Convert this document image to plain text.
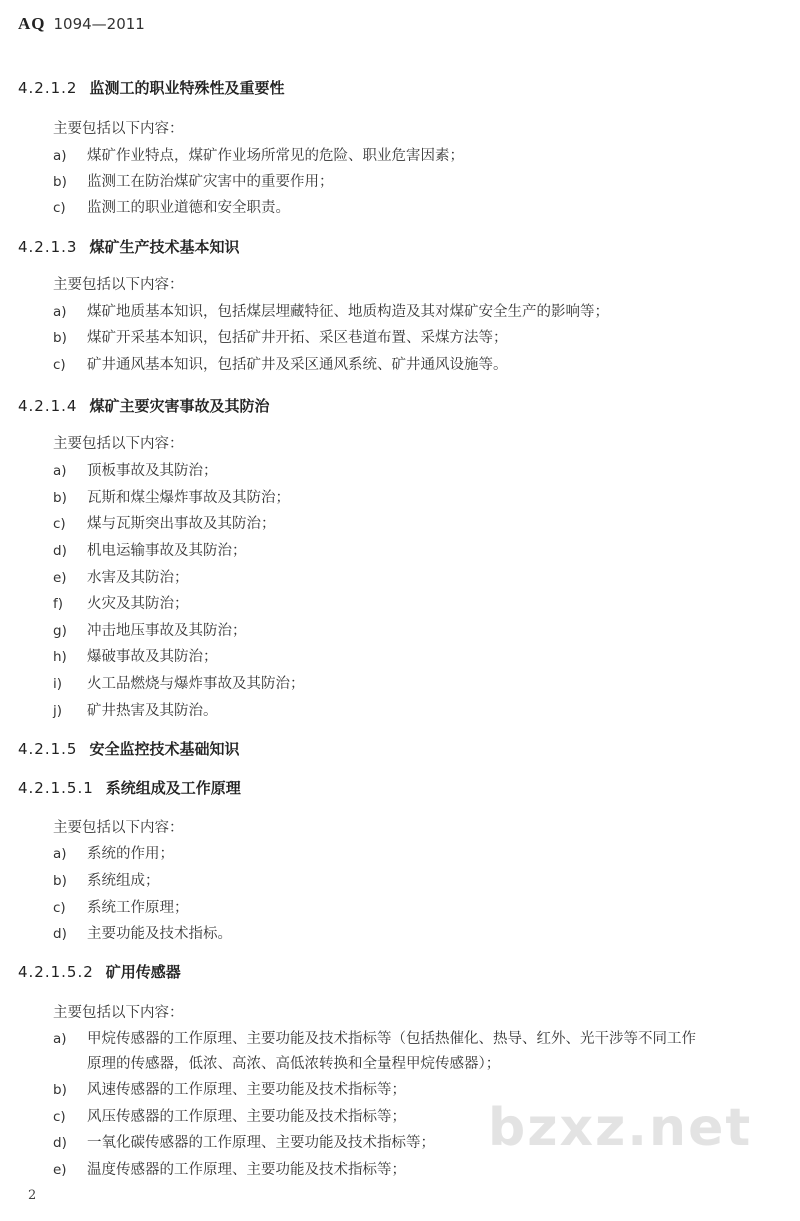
AQ 1094—2011
4.2.1.2 监测工的职业特殊性及重要性
主要包括以下内容：
a) 煤矿作业特点，煤矿作业场所常见的危险、职业危害因素；
b) 监测工在防治煤矿灾害中的重要作用；
c) 监测工的职业道德和安全职责。
4.2.1.3 煤矿生产技术基本知识
主要包括以下内容：
a) 煤矿地质基本知识，包括煤层埋藏特征、地质构造及其对煤矿安全生产的影响等；
b) 煤矿开采基本知识，包括矿井开拓、采区巷道布置、采煤方法等；
c) 矿井通风基本知识，包括矿井及采区通风系统、矿井通风设施等。
4.2.1.4 煤矿主要灾害事故及其防治
主要包括以下内容：
a) 顶板事故及其防治；
b) 瓦斯和煤尘爆炸事故及其防治；
c) 煤与瓦斯突出事故及其防治；
d) 机电运输事故及其防治；
e) 水害及其防治；
f) 火灾及其防治；
g) 冲击地压事故及其防治；
h) 爆破事故及其防治；
i) 火工品燃烧与爆炸事故及其防治；
j) 矿井热害及其防治。
4.2.1.5 安全监控技术基础知识
4.2.1.5.1 系统组成及工作原理
主要包括以下内容：
a) 系统的作用；
b) 系统组成；
c) 系统工作原理；
d) 主要功能及技术指标。
4.2.1.5.2 矿用传感器
主要包括以下内容：
a) 甲烷传感器的工作原理、主要功能及技术指标等（包括热催化、热导、红外、光干涉等不同工作
原理的传感器，低浓、高浓、高低浓转换和全量程甲烷传感器）；
b) 风速传感器的工作原理、主要功能及技术指标等；
c) 风压传感器的工作原理、主要功能及技术指标等；
d) 一氧化碳传感器的工作原理、主要功能及技术指标等；
e) 温度传感器的工作原理、主要功能及技术指标等；
bzxz.net
2
